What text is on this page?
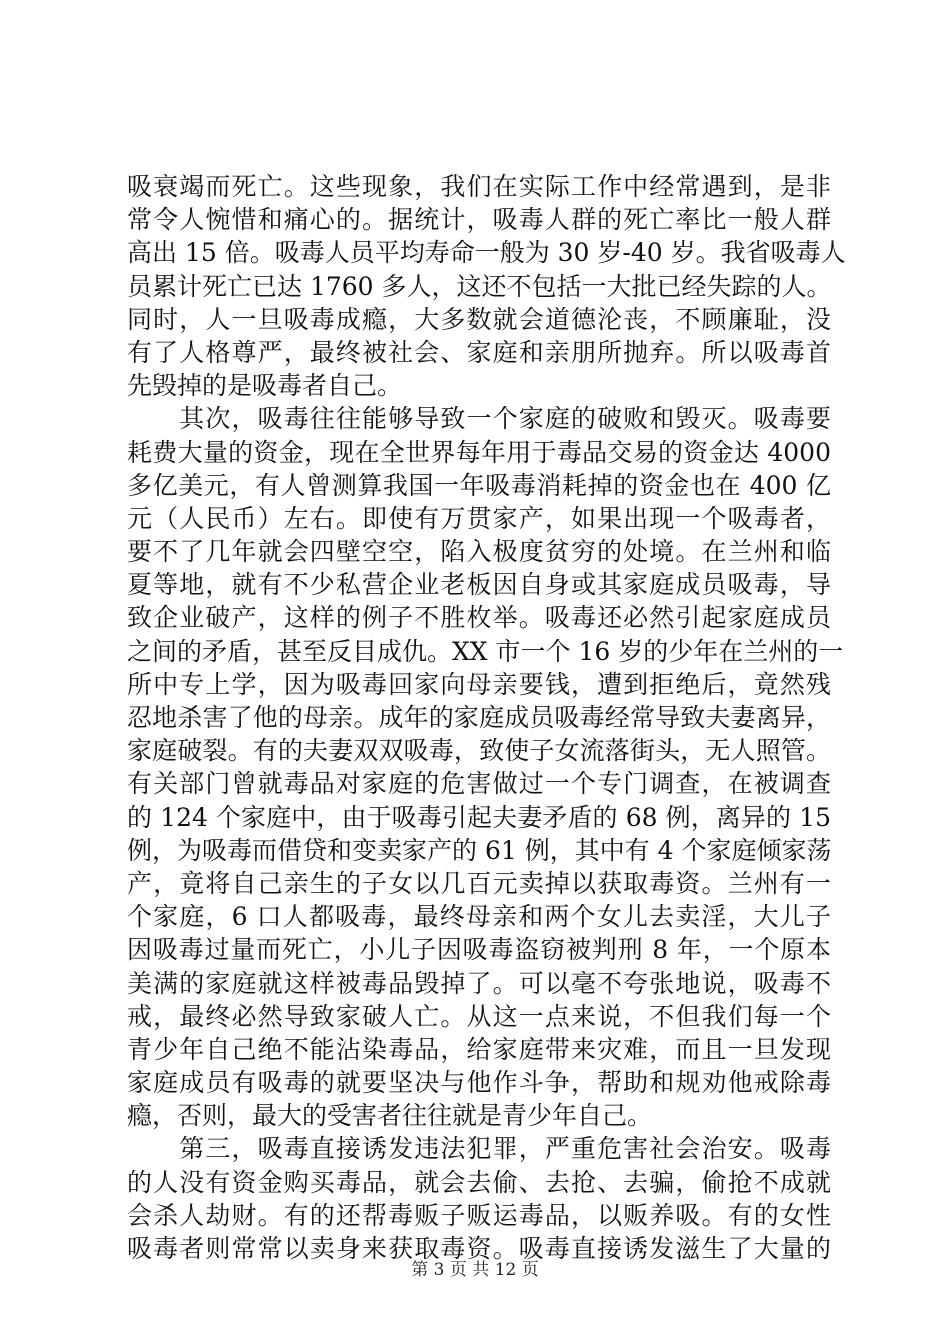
吸衰竭而死亡。这些现象，我们在实际工作中经常遇到，是非
常令人惋惜和痛心的。据统计，吸毒人群的死亡率比一般人群
高出 15 倍。吸毒人员平均寿命一般为 30 岁-40 岁。我省吸毒人
员累计死亡已达 1760 多人，这还不包括一大批已经失踪的人。
同时，人一旦吸毒成瘾，大多数就会道德沦丧，不顾廉耻，没
有了人格尊严，最终被社会、家庭和亲朋所抛弃。所以吸毒首
先毁掉的是吸毒者自己。
　　其次，吸毒往往能够导致一个家庭的破败和毁灭。吸毒要
耗费大量的资金，现在全世界每年用于毒品交易的资金达 4000
多亿美元，有人曾测算我国一年吸毒消耗掉的资金也在 400 亿
元（人民币）左右。即使有万贯家产，如果出现一个吸毒者，
要不了几年就会四壁空空，陷入极度贫穷的处境。在兰州和临
夏等地，就有不少私营企业老板因自身或其家庭成员吸毒，导
致企业破产，这样的例子不胜枚举。吸毒还必然引起家庭成员
之间的矛盾，甚至反目成仇。XX 市一个 16 岁的少年在兰州的一
所中专上学，因为吸毒回家向母亲要钱，遭到拒绝后，竟然残
忍地杀害了他的母亲。成年的家庭成员吸毒经常导致夫妻离异，
家庭破裂。有的夫妻双双吸毒，致使子女流落街头，无人照管。
有关部门曾就毒品对家庭的危害做过一个专门调查，在被调查
的 124 个家庭中，由于吸毒引起夫妻矛盾的 68 例，离异的 15
例，为吸毒而借贷和变卖家产的 61 例，其中有 4 个家庭倾家荡
产，竟将自己亲生的子女以几百元卖掉以获取毒资。兰州有一
个家庭，6 口人都吸毒，最终母亲和两个女儿去卖淫，大儿子
因吸毒过量而死亡，小儿子因吸毒盗窃被判刑 8 年，一个原本
美满的家庭就这样被毒品毁掉了。可以毫不夸张地说，吸毒不
戒，最终必然导致家破人亡。从这一点来说，不但我们每一个
青少年自己绝不能沾染毒品，给家庭带来灾难，而且一旦发现
家庭成员有吸毒的就要坚决与他作斗争，帮助和规劝他戒除毒
瘾，否则，最大的受害者往往就是青少年自己。
　　第三，吸毒直接诱发违法犯罪，严重危害社会治安。吸毒
的人没有资金购买毒品，就会去偷、去抢、去骗，偷抢不成就
会杀人劫财。有的还帮毒贩子贩运毒品，以贩养吸。有的女性
吸毒者则常常以卖身来获取毒资。吸毒直接诱发滋生了大量的
第 3 页 共 12 页
